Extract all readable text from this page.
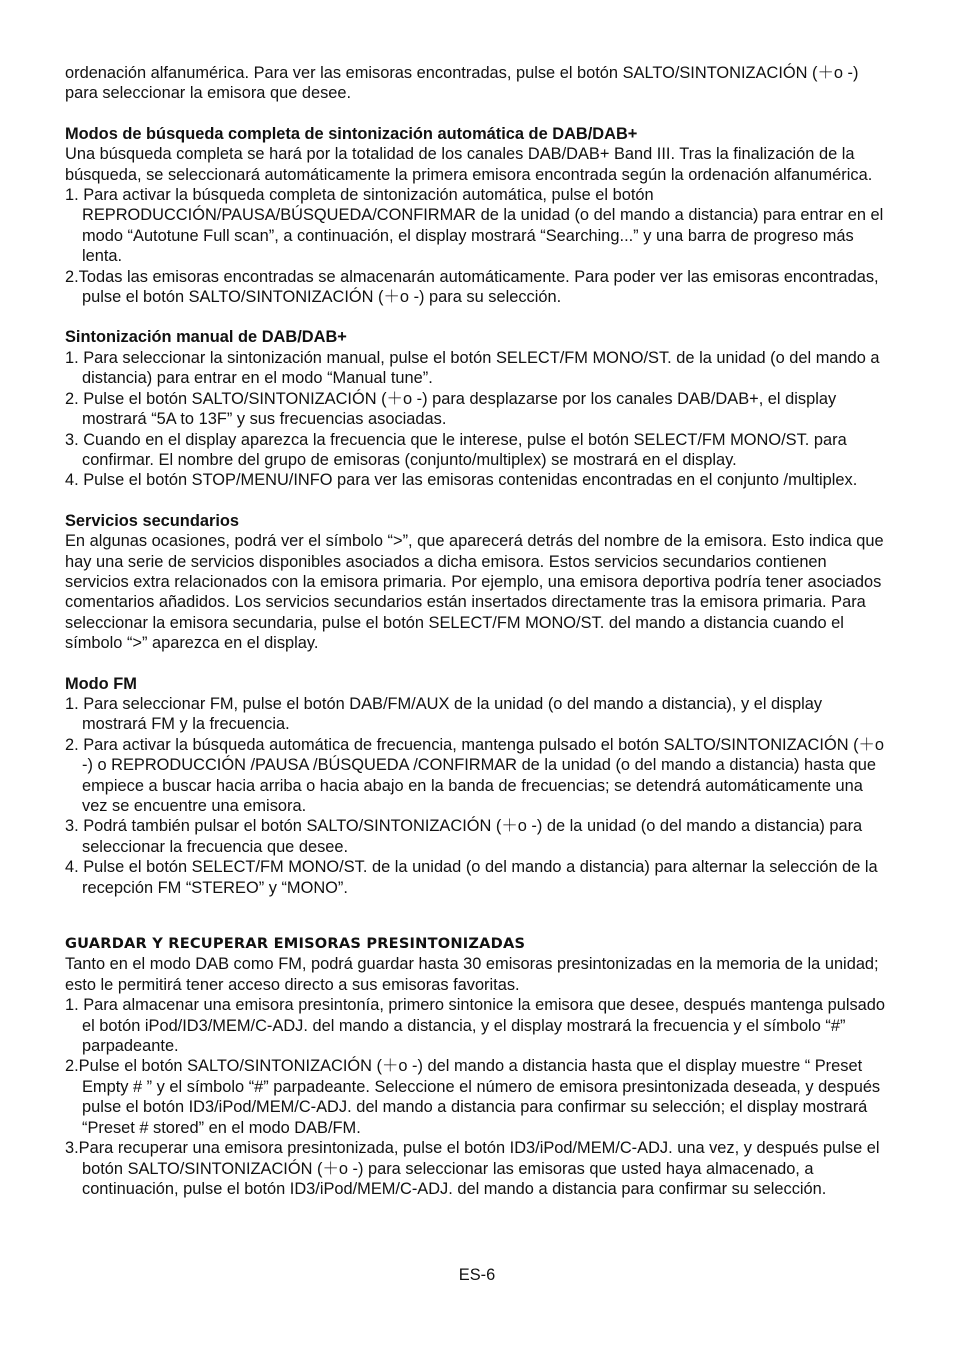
ordenación alfanumérica. Para ver las emisoras encontradas, pulse el botón SALTO/SINTONIZACIÓN (＋o -) para seleccionar la emisora que desee.

Modos de búsqueda completa de sintonización automática de DAB/DAB+

Una búsqueda completa se hará por la totalidad de los canales DAB/DAB+ Band III. Tras la finalización de la búsqueda, se seleccionará automáticamente la primera emisora encontrada según la ordenación alfanumérica.

1. Para activar la búsqueda completa de sintonización automática, pulse el botón REPRODUCCIÓN/PAUSA/BÚSQUEDA/CONFIRMAR de la unidad (o del mando a distancia) para entrar en el modo “Autotune Full scan”, a continuación, el display mostrará “Searching...” y una barra de progreso más lenta.
2.Todas las emisoras encontradas se almacenarán automáticamente. Para poder ver las emisoras encontradas, pulse el botón SALTO/SINTONIZACIÓN (＋o -) para su selección.
Sintonización manual de DAB/DAB+
1. Para seleccionar la sintonización manual, pulse el botón SELECT/FM MONO/ST. de la unidad (o del mando a distancia) para entrar en el modo “Manual tune”.
2. Pulse el botón SALTO/SINTONIZACIÓN (＋o -) para desplazarse por los canales DAB/DAB+, el display mostrará “5A to 13F” y sus frecuencias asociadas.
3. Cuando en el display aparezca la frecuencia que le interese, pulse el botón SELECT/FM MONO/ST. para confirmar. El nombre del grupo de emisoras (conjunto/multiplex) se mostrará en el display.
4. Pulse el botón STOP/MENU/INFO para ver las emisoras contenidas encontradas en el conjunto /multiplex.
Servicios secundarios

En algunas ocasiones, podrá ver el símbolo “>”, que aparecerá detrás del nombre de la emisora. Esto indica que hay una serie de servicios disponibles asociados a dicha emisora. Estos servicios secundarios contienen servicios extra relacionados con la emisora primaria. Por ejemplo, una emisora deportiva podría tener asociados comentarios añadidos. Los servicios secundarios están insertados directamente tras la emisora primaria. Para seleccionar la emisora secundaria, pulse el botón SELECT/FM MONO/ST. del mando a distancia cuando el símbolo “>” aparezca en el display.

Modo FM
1. Para seleccionar FM, pulse el botón DAB/FM/AUX de la unidad (o del mando a distancia), y el display mostrará FM y la frecuencia.
2. Para activar la búsqueda automática de frecuencia, mantenga pulsado el botón SALTO/SINTONIZACIÓN (＋o -) o REPRODUCCIÓN /PAUSA /BÚSQUEDA /CONFIRMAR de la unidad (o del mando a distancia) hasta que empiece a buscar hacia arriba o hacia abajo en la banda de frecuencias; se detendrá automáticamente una vez se encuentre una emisora.
3. Podrá también pulsar el botón SALTO/SINTONIZACIÓN (＋o -) de la unidad (o del mando a distancia) para seleccionar la frecuencia que desee.
4. Pulse el botón SELECT/FM MONO/ST. de la unidad (o del mando a distancia) para alternar la selección de la recepción FM “STEREO” y “MONO”.
GUARDAR Y RECUPERAR EMISORAS PRESINTONIZADAS

Tanto en el modo DAB como FM, podrá guardar hasta 30 emisoras presintonizadas en la memoria de la unidad; esto le permitirá tener acceso directo a sus emisoras favoritas.

1. Para almacenar una emisora presintonía, primero sintonice la emisora que desee, después mantenga pulsado el botón iPod/ID3/MEM/C-ADJ. del mando a distancia, y el display mostrará la frecuencia y el símbolo “#” parpadeante.
2.Pulse el botón SALTO/SINTONIZACIÓN (＋o -) del mando a distancia hasta que el display muestre “ Preset Empty # ” y el símbolo “#” parpadeante. Seleccione el número de emisora presintonizada deseada, y después pulse el botón ID3/iPod/MEM/C-ADJ. del mando a distancia para confirmar su selección; el display mostrará “Preset # stored” en el modo DAB/FM.
3.Para recuperar una emisora presintonizada, pulse el botón ID3/iPod/MEM/C-ADJ. una vez, y después pulse el botón SALTO/SINTONIZACIÓN (＋o -) para seleccionar las emisoras que usted haya almacenado, a continuación, pulse el botón ID3/iPod/MEM/C-ADJ. del mando a distancia para confirmar su selección.
ES-6
